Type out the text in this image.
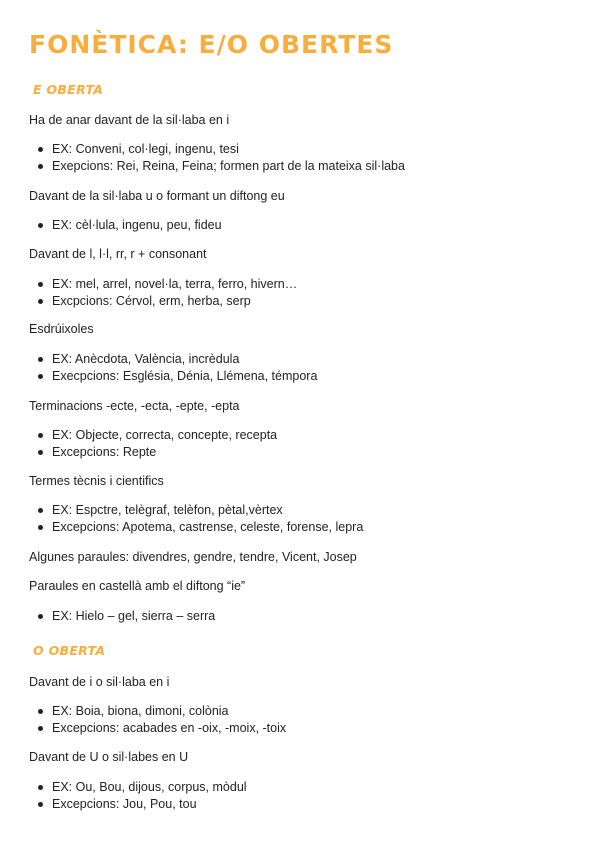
FONÈTICA: E/O OBERTES
E OBERTA

Ha de anar davant de la sil·laba en i

EX: Conveni, col·legi, ingenu, tesi
Exepcions: Rei, Reina, Feina; formen part de la mateixa sil·laba

Davant de la sil·laba u o formant un diftong eu

EX: cèl·lula, ingenu, peu, fideu

Davant de l, l·l, rr, r + consonant

EX: mel, arrel, novel·la, terra, ferro, hivern…
Excpcions: Cérvol, erm, herba, serp

Esdrúixoles

EX: Anècdota, València, incrèdula
Execpcions: Església, Dénia, Llémena, témpora

Terminacions -ecte, -ecta, -epte, -epta

EX: Objecte, correcta, concepte, recepta
Excepcions: Repte

Termes tècnis i cientifics

EX: Espctre, telègraf, telèfon, pètal,vèrtex
Excepcions: Apotema, castrense, celeste, forense, lepra

Algunes paraules: divendres, gendre, tendre, Vicent, Josep

Paraules en castellà amb el diftong “ie”

EX: Hielo – gel, sierra – serra
O OBERTA

Davant de i o sil·laba en i

EX: Boia, biona, dimoni, colònia
Excepcions: acabades en -oix, -moix, -toix

Davant de U o sil·labes en U

EX: Ou, Bou, dijous, corpus, mòdul
Excepcions: Jou, Pou, tou
